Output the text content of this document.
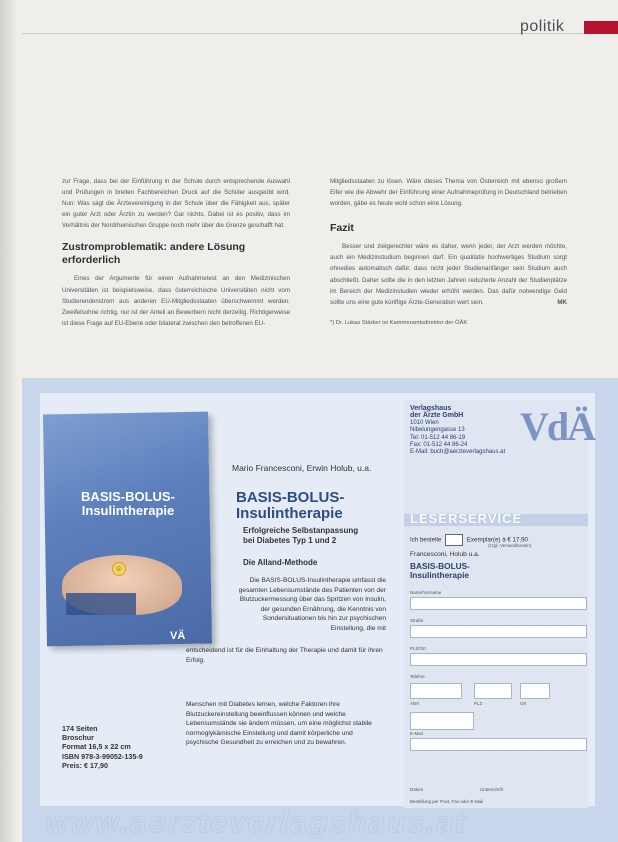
politik

zur Frage, dass bei der Einführung in der Schule durch entsprechende Auswahl und Prüfungen in breiten Fachbereichen Druck auf die Schüler ausgeübt wird. Nun: Was sagt die Ärztevereinigung in der Schule über die Fähigkeit aus, später ein guter Arzt oder Ärztin zu werden? Gar nichts. Dabei ist es positiv, dass im Verhältnis der Nordrheinischen Gruppe noch mehr über die Grenze geschafft hat.

Zustromproblematik: andere Lösung erforderlich

Eines der Argumente für einen Aufnahmetest an den Medizinischen Universitäten ist beispielsweise, dass österreichische Universitäten nicht vom Studierendenstrom aus anderen EU-Mitgliedsstaaten überschwemmt werden. Zweifelsohne richtig, nur ist der Anteil an Bewerbern nicht derzeitig. Richtigerweise ist diese Frage auf EU-Ebene oder bilateral zwischen den betroffenen EU-

Mitgliedsstaaten zu lösen. Wäre dieses Thema von Österreich mit ebenso großem Eifer wie die Abwehr der Einführung einer Aufnahmeprüfung in Deutschland betrieben worden, gäbe es heute wohl schon eine Lösung.

Fazit

Besser und zielgerechter wäre es daher, wenn jeder, der Arzt werden möchte, auch ein Medizinstudium beginnen darf. Ein qualitativ hochwertiges Studium sorgt ohnedies automatisch dafür, dass nicht jeder Studienanfänger sein Studium auch abschließt. Daher sollte die in den letzten Jahren reduzierte Anzahl der Studienplätze im Bereich der Medizinstudien wieder erhöht werden. Das dafür notwendige Geld sollte uns eine gute künftige Ärzte-Generation wert sein.	MK

*) Dr. Lukas Stärker ist Kammeramtsdirektor der ÖÄK

BASIS-BOLUS-Insulintherapie
☺
VÄ
Mario Francesconi, Erwin Holub, u.a.
BASIS-BOLUS-
Insulintherapie
Erfolgreiche Selbstanpassung
bei Diabetes Typ 1 und 2
Die Alland-Methode
Die BASIS-BOLUS-Insulintherapie umfasst die gesamten Lebensumstände des Patienten von der Blutzuckermessung über das Spritzen von Insulin, der gesunden Ernährung, die Kenntnis von Sondersituationen bis hin zur psychischen Einstellung, die mit
entscheidend ist für die Einhaltung der Therapie und damit für ihren Erfolg.
Menschen mit Diabetes lernen, welche Faktoren ihre Blutzuckereinstellung beeinflussen können und welche Lebensumstände sie ändern müssen, um eine möglichst stabile normoglykämische Einstellung und damit körperliche und psychische Gesundheit zu erreichen und zu bewahren.
174 Seiten
Broschur
Format 16,5 x 22 cm
ISBN 978-3-99052-135-9
Preis: € 17,90
Verlagshaus
der Ärzte GmbH
1010 Wien
Nibelungengasse 13
Tel: 01-512 44 86-19
Fax: 01-512 44 86-24
E-Mail: buch@aerzteverlagshaus.at
VdÄ
LESERSERVICE
Ich bestelle	Exemplar(e) à € 17,90
(zzgl. Versandkosten)
Francesconi, Holub u.a.
BASIS-BOLUS-
Insulintherapie
Name/Vorname
Straße
PLZ/Ort
Telefon
Alter	PLZ	Ort
E-Mail
Datum	Unterschrift
Bestellung per Post, Fax oder E-Mail
www.aerzteverlagshaus.at
